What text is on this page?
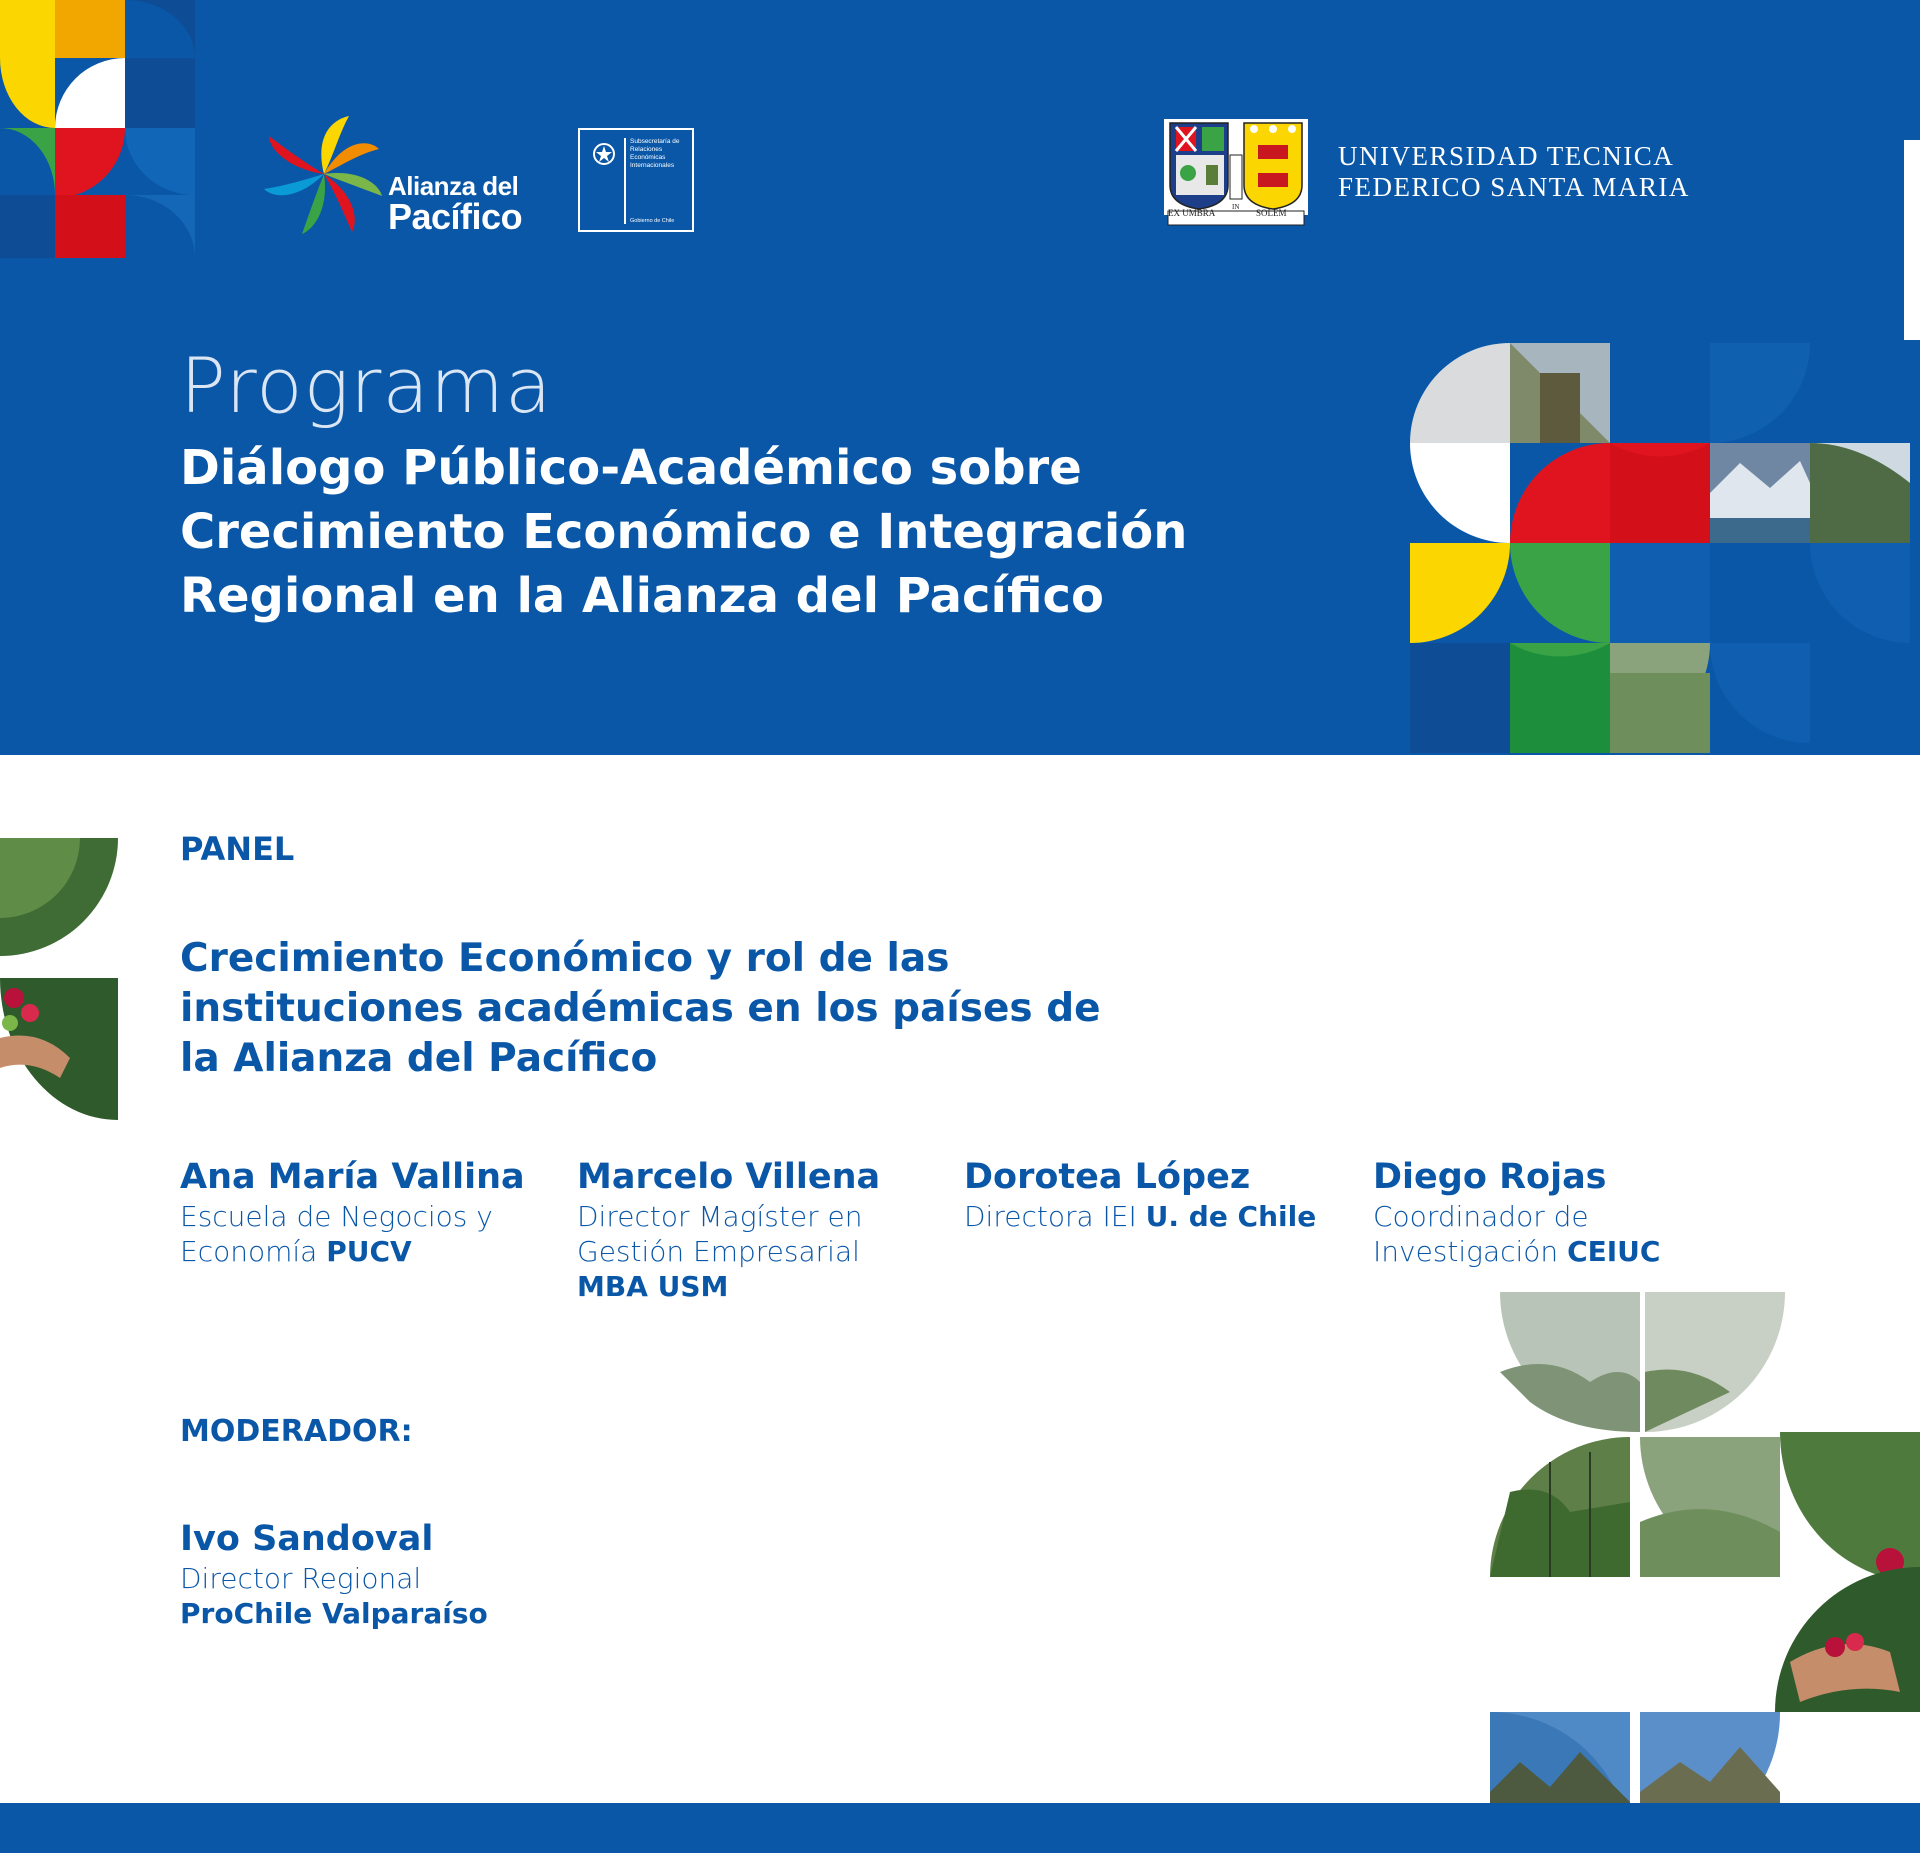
Alianza del
Pacífico
Subsecretaría de Relaciones Económicas Internacionales
Gobierno de Chile
EX UMBRA
IN
SOLEM
UNIVERSIDAD TECNICA
FEDERICO SANTA MARIA
Programa
Diálogo Público-Académico sobre
Crecimiento Económico e Integración
Regional en la Alianza del Pacífico
PANEL
Crecimiento Económico y rol de las
instituciones académicas en los países de
la Alianza del Pacífico
Ana María Vallina
Escuela de Negocios y
Economía PUCV
Marcelo Villena
Director Magíster en
Gestión Empresarial
MBA USM
Dorotea López
Directora IEI U. de Chile
Diego Rojas
Coordinador de
Investigación CEIUC
MODERADOR:
Ivo Sandoval
Director Regional
ProChile Valparaíso
